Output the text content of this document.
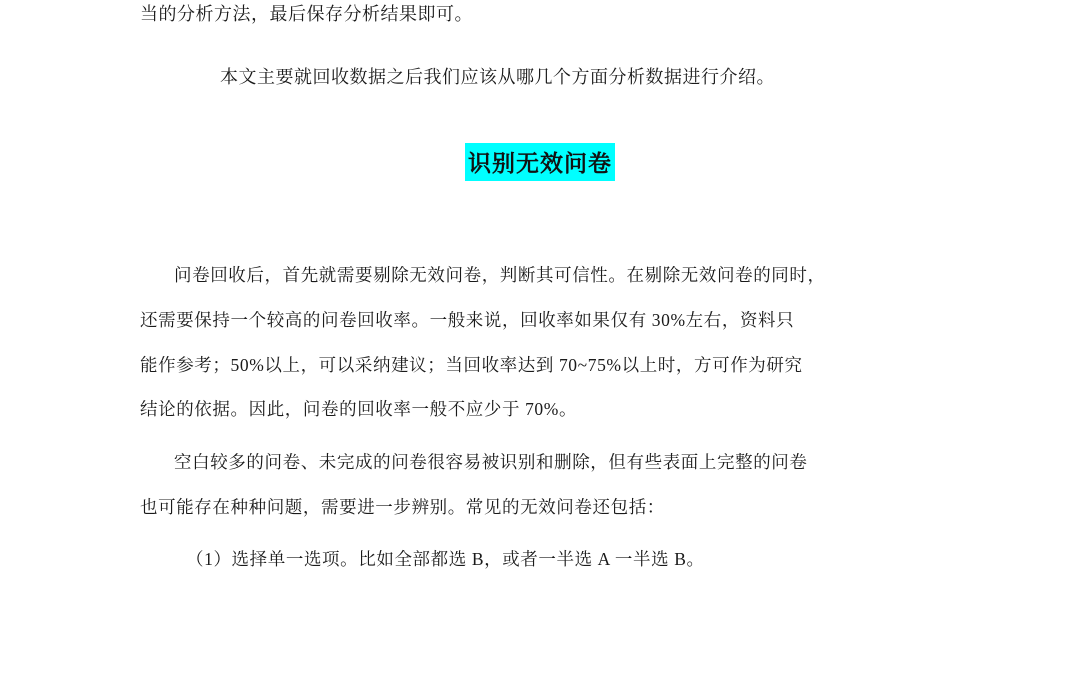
当的分析方法，最后保存分析结果即可。
本文主要就回收数据之后我们应该从哪几个方面分析数据进行介绍。
识别无效问卷
问卷回收后，首先就需要剔除无效问卷，判断其可信性。在剔除无效问卷的同时，
还需要保持一个较高的问卷回收率。一般来说，回收率如果仅有 30%左右，资料只
能作参考；50%以上，可以采纳建议；当回收率达到 70~75%以上时，方可作为研究
结论的依据。因此，问卷的回收率一般不应少于 70%。
空白较多的问卷、未完成的问卷很容易被识别和删除，但有些表面上完整的问卷
也可能存在种种问题，需要进一步辨别。常见的无效问卷还包括：
（1）选择单一选项。比如全部都选 B，或者一半选 A 一半选 B。
